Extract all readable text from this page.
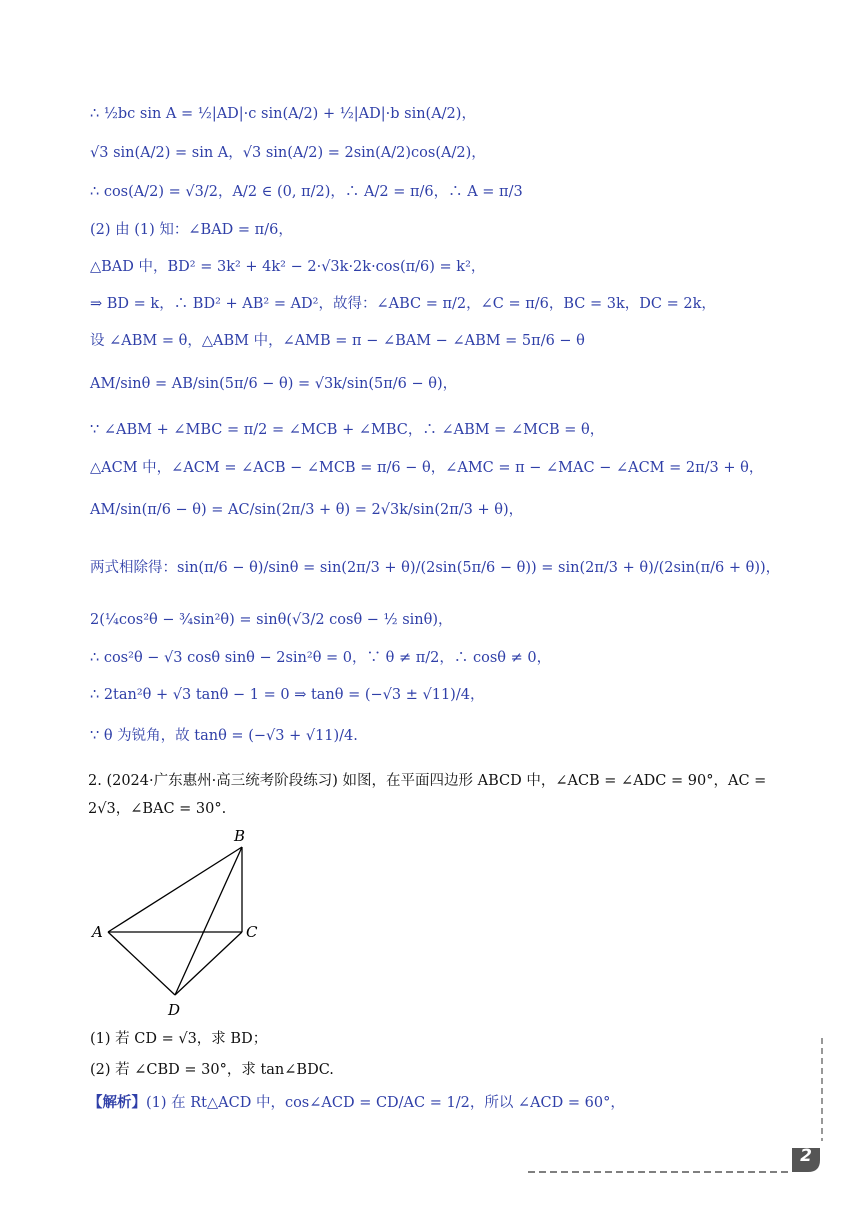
∴ ½bc sin A = ½|AD|·c sin(A/2) + ½|AD|·b sin(A/2)，
√3 sin(A/2) = sin A，√3 sin(A/2) = 2sin(A/2)cos(A/2)，
∴ cos(A/2) = √3/2，A/2 ∈ (0, π/2)，∴ A/2 = π/6，∴ A = π/3
(2) 由 (1) 知：∠BAD = π/6，
△BAD 中，BD² = 3k² + 4k² − 2·√3k·2k·cos(π/6) = k²，
⇒ BD = k，∴ BD² + AB² = AD²，故得：∠ABC = π/2，∠C = π/6，BC = 3k，DC = 2k，
设 ∠ABM = θ，△ABM 中，∠AMB = π − ∠BAM − ∠ABM = 5π/6 − θ
AM/sinθ = AB/sin(5π/6 − θ) = √3k/sin(5π/6 − θ)，
∵ ∠ABM + ∠MBC = π/2 = ∠MCB + ∠MBC，∴ ∠ABM = ∠MCB = θ，
△ACM 中，∠ACM = ∠ACB − ∠MCB = π/6 − θ，∠AMC = π − ∠MAC − ∠ACM = 2π/3 + θ，
AM/sin(π/6 − θ) = AC/sin(2π/3 + θ) = 2√3k/sin(2π/3 + θ)，
两式相除得：sin(π/6 − θ)/sinθ = sin(2π/3 + θ)/(2sin(5π/6 − θ)) = sin(2π/3 + θ)/(2sin(π/6 + θ))，
2(¼cos²θ − ¾sin²θ) = sinθ(√3/2 cosθ − ½ sinθ)，
∴ cos²θ − √3 cosθ sinθ − 2sin²θ = 0，∵ θ ≠ π/2，∴ cosθ ≠ 0，
∴ 2tan²θ + √3 tanθ − 1 = 0 ⇒ tanθ = (−√3 ± √11)/4，
∵ θ 为锐角，故 tanθ = (−√3 + √11)/4.
2. (2024·广东惠州·高三统考阶段练习) 如图，在平面四边形 ABCD 中，∠ACB = ∠ADC = 90°，AC =
2√3，∠BAC = 30°.
B
A	C
D
(1) 若 CD = √3，求 BD；
(2) 若 ∠CBD = 30°，求 tan∠BDC.
【解析】(1) 在 Rt△ACD 中，cos∠ACD = CD/AC = 1/2，所以 ∠ACD = 60°，
2
